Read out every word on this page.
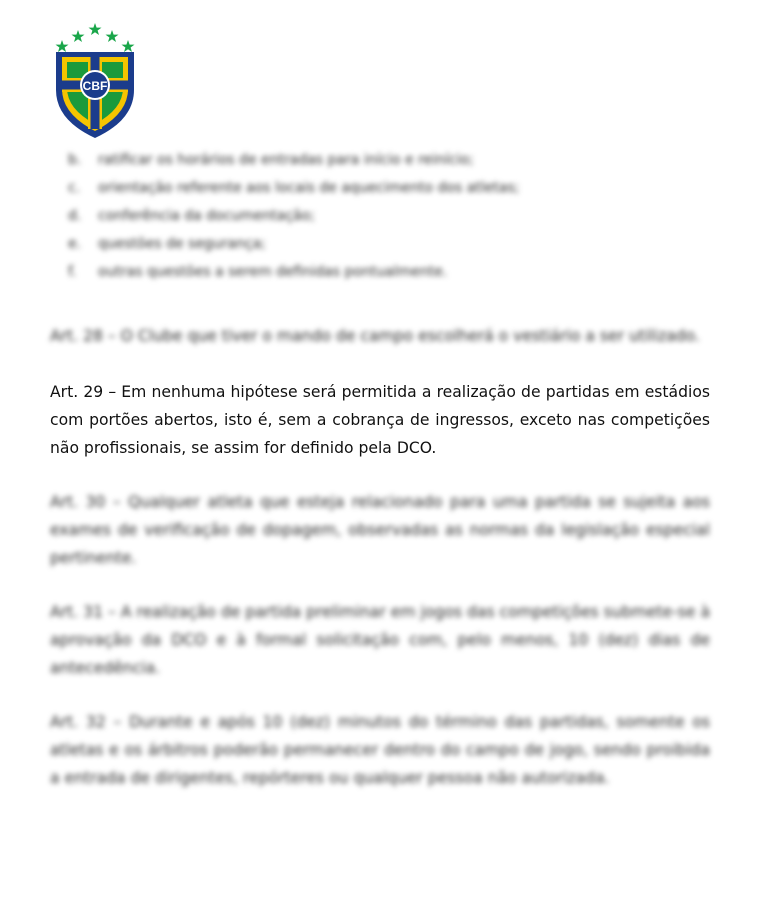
CBF
b. ratificar os horários de entradas para início e reinício;
c. orientação referente aos locais de aquecimento dos atletas;
d. conferência da documentação;
e. questões de segurança;
f. outras questões a serem definidas pontualmente.

Art. 28 – O Clube que tiver o mando de campo escolherá o vestiário a ser utilizado.

Art. 29 – Em nenhuma hipótese será permitida a realização de partidas em estádios com portões abertos, isto é, sem a cobrança de ingressos, exceto nas competições não profissionais, se assim for definido pela DCO.

Art. 30 – Qualquer atleta que esteja relacionado para uma partida se sujeita aos exames de verificação de dopagem, observadas as normas da legislação especial pertinente.

Art. 31 – A realização de partida preliminar em jogos das competições submete-se à aprovação da DCO e à formal solicitação com, pelo menos, 10 (dez) dias de antecedência.

Art. 32 – Durante e após 10 (dez) minutos do término das partidas, somente os atletas e os árbitros poderão permanecer dentro do campo de jogo, sendo proibida a entrada de dirigentes, repórteres ou qualquer pessoa não autorizada.
